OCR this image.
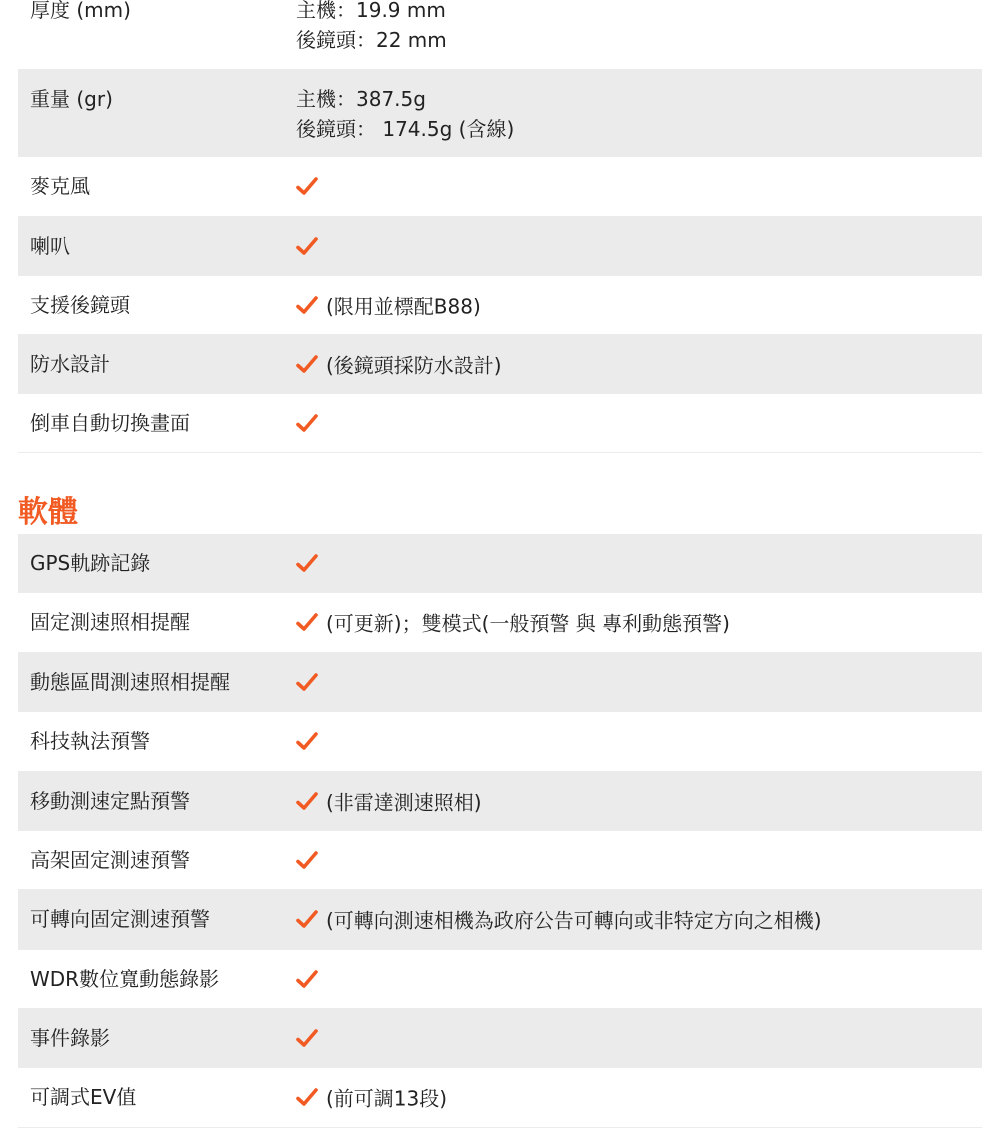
厚度 (mm)	主機：19.9 mm
後鏡頭：22 mm
重量 (gr)	主機：387.5g
後鏡頭： 174.5g (含線)
麥克風
喇叭
支援後鏡頭	(限用並標配B88)
防水設計	(後鏡頭採防水設計)
倒車自動切換畫面
軟體
GPS軌跡記錄
固定測速照相提醒	(可更新)；雙模式(一般預警 與 專利動態預警)
動態區間測速照相提醒
科技執法預警
移動測速定點預警	(非雷達測速照相)
高架固定測速預警
可轉向固定測速預警	(可轉向測速相機為政府公告可轉向或非特定方向之相機)
WDR數位寬動態錄影
事件錄影
可調式EV值	(前可調13段)
